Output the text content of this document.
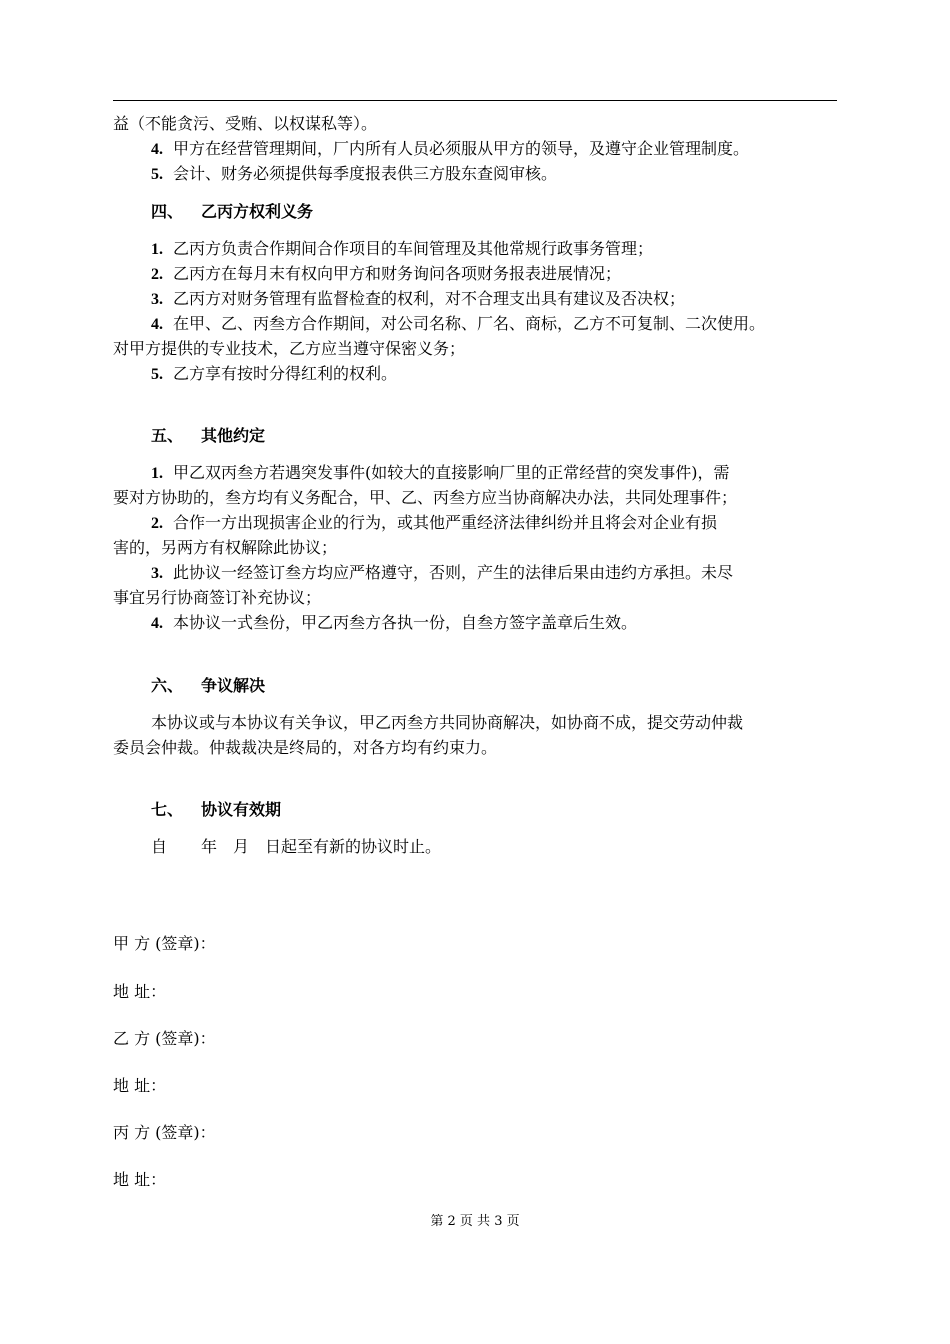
益（不能贪污、受贿、以权谋私等）。
4. 甲方在经营管理期间，厂内所有人员必须服从甲方的领导，及遵守企业管理制度。
5. 会计、财务必须提供每季度报表供三方股东查阅审核。
四、 乙丙方权利义务
1. 乙丙方负责合作期间合作项目的车间管理及其他常规行政事务管理；
2. 乙丙方在每月末有权向甲方和财务询问各项财务报表进展情况；
3. 乙丙方对财务管理有监督检查的权利，对不合理支出具有建议及否决权；
4. 在甲、乙、丙叁方合作期间，对公司名称、厂名、商标，乙方不可复制、二次使用。
对甲方提供的专业技术，乙方应当遵守保密义务；
5. 乙方享有按时分得红利的权利。
五、 其他约定
1. 甲乙双丙叁方若遇突发事件(如较大的直接影响厂里的正常经营的突发事件)，需
要对方协助的，叁方均有义务配合，甲、乙、丙叁方应当协商解决办法，共同处理事件；
2. 合作一方出现损害企业的行为，或其他严重经济法律纠纷并且将会对企业有损
害的，另两方有权解除此协议；
3. 此协议一经签订叁方均应严格遵守，否则，产生的法律后果由违约方承担。未尽
事宜另行协商签订补充协议；
4. 本协议一式叁份，甲乙丙叁方各执一份，自叁方签字盖章后生效。
六、 争议解决
本协议或与本协议有关争议，甲乙丙叁方共同协商解决，如协商不成，提交劳动仲裁
委员会仲裁。仲裁裁决是终局的，对各方均有约束力。
七、 协议有效期
自 年 月 日起至有新的协议时止。
甲 方 (签章)：
地 址：
乙 方 (签章)：
地 址：
丙 方 (签章)：
地 址：
第 2 页 共 3 页
